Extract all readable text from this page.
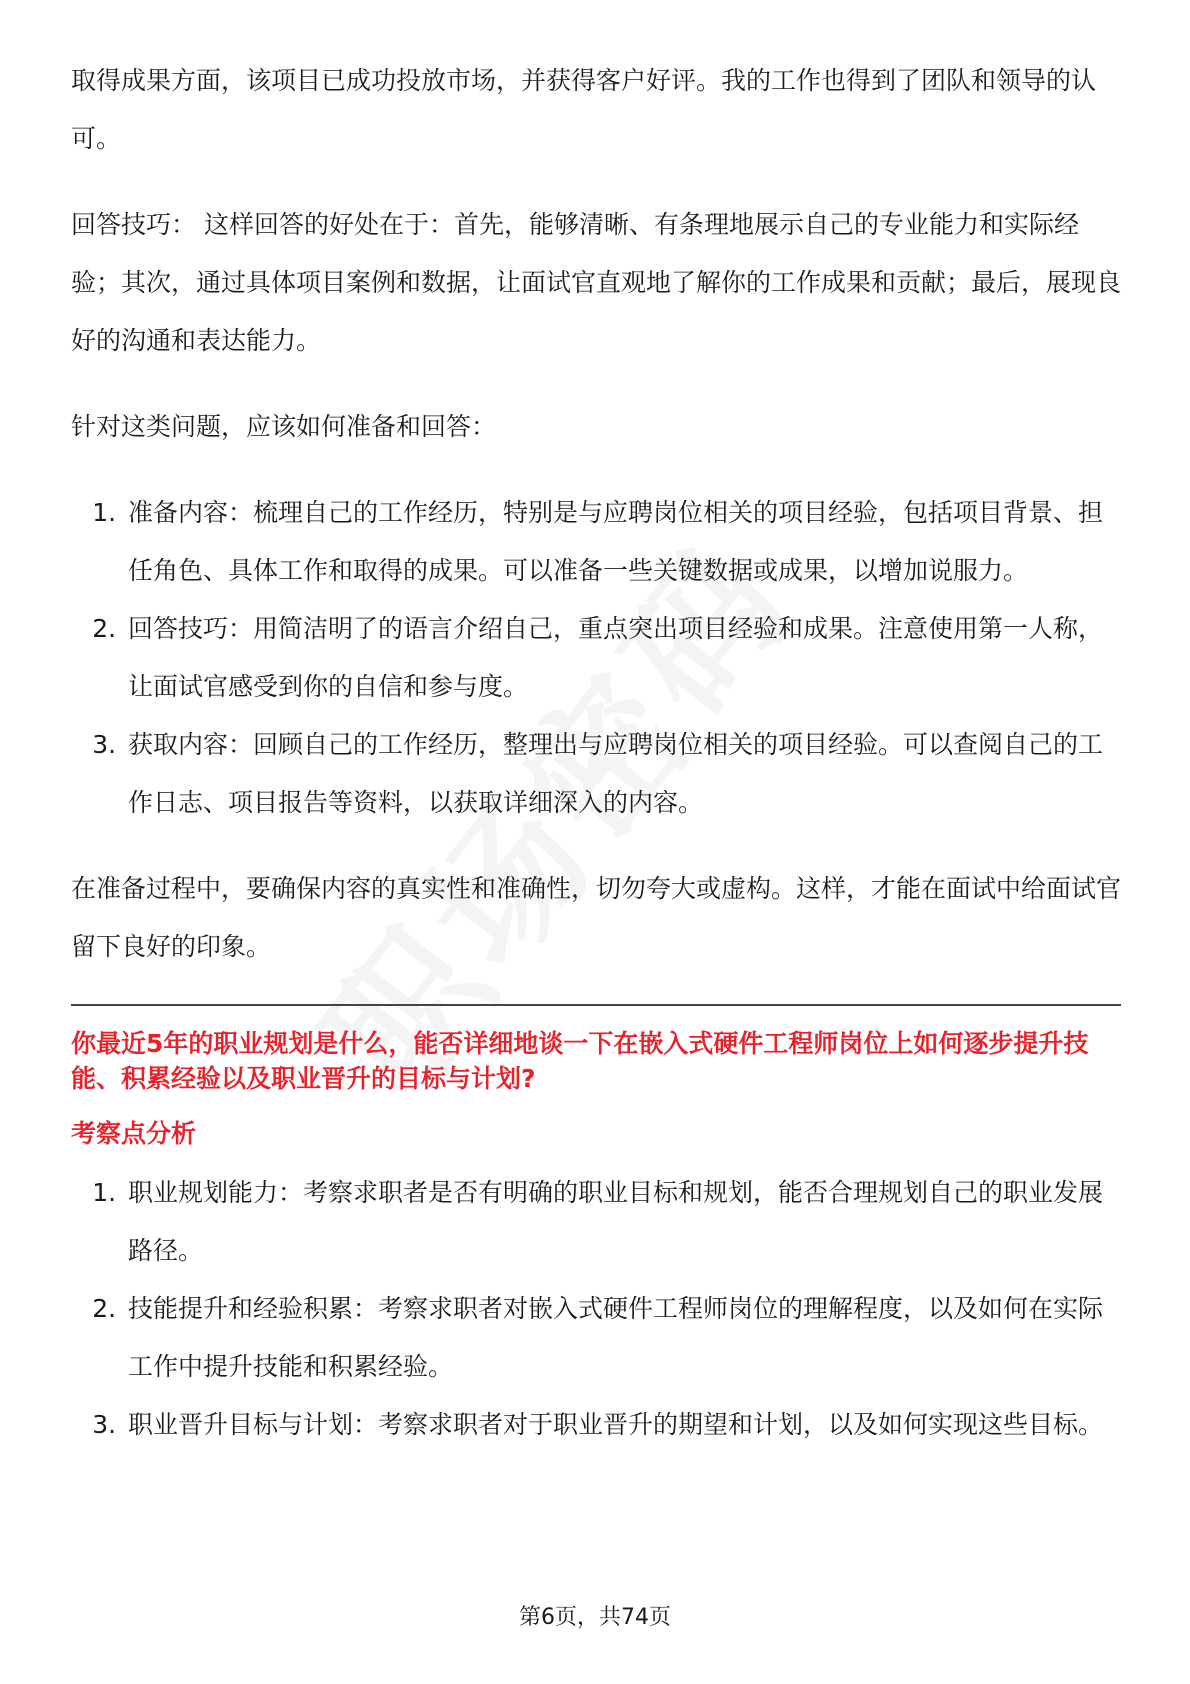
取得成果方面，该项目已成功投放市场，并获得客户好评。我的工作也得到了团队和领导的认可。

回答技巧： 这样回答的好处在于：首先，能够清晰、有条理地展示自己的专业能力和实际经验；其次，通过具体项目案例和数据，让面试官直观地了解你的工作成果和贡献；最后，展现良好的沟通和表达能力。

针对这类问题，应该如何准备和回答：

1. 准备内容：梳理自己的工作经历，特别是与应聘岗位相关的项目经验，包括项目背景、担任角色、具体工作和取得的成果。可以准备一些关键数据或成果，以增加说服力。
2. 回答技巧：用简洁明了的语言介绍自己，重点突出项目经验和成果。注意使用第一人称，让面试官感受到你的自信和参与度。
3. 获取内容：回顾自己的工作经历，整理出与应聘岗位相关的项目经验。可以查阅自己的工作日志、项目报告等资料，以获取详细深入的内容。

在准备过程中，要确保内容的真实性和准确性，切勿夸大或虚构。这样，才能在面试中给面试官留下良好的印象。

你最近5年的职业规划是什么，能否详细地谈一下在嵌入式硬件工程师岗位上如何逐步提升技能、积累经验以及职业晋升的目标与计划?
考察点分析
1. 职业规划能力：考察求职者是否有明确的职业目标和规划，能否合理规划自己的职业发展路径。
2. 技能提升和经验积累：考察求职者对嵌入式硬件工程师岗位的理解程度，以及如何在实际工作中提升技能和积累经验。
3. 职业晋升目标与计划：考察求职者对于职业晋升的期望和计划，以及如何实现这些目标。
第6页，共74页
